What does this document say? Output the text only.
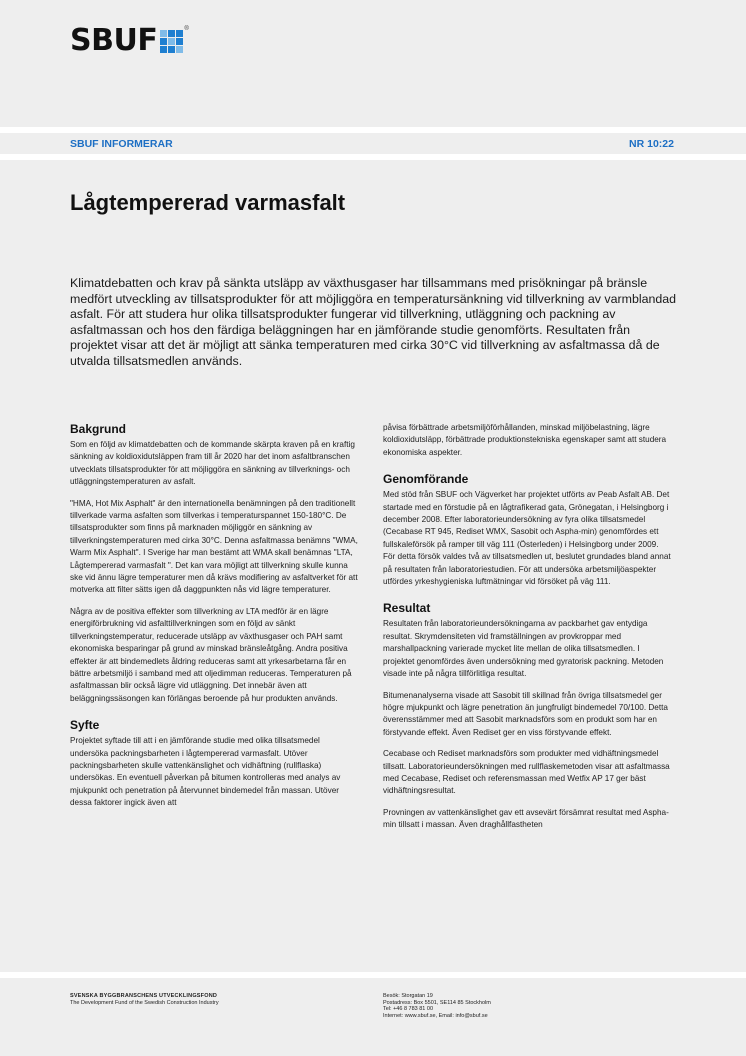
SBUF	®
SBUF INFORMERAR	NR 10:22
Lågtempererad varmasfalt

Klimatdebatten och krav på sänkta utsläpp av växthusgaser har tillsammans med prisökningar på bränsle medfört utveckling av tillsatsprodukter för att möjliggöra en temperatursänkning vid tillverkning av varmblandad asfalt. För att studera hur olika tillsatsprodukter fungerar vid tillverkning, utläggning och packning av asfaltmassan och hos den färdiga beläggningen har en jämförande studie genomförts. Resultaten från projektet visar att det är möjligt att sänka temperaturen med cirka 30°C vid tillverkning av asfaltmassa då de utvalda tillsatsmedlen används.

Bakgrund

Som en följd av klimatdebatten och de kommande skärpta kraven på en kraftig sänkning av koldioxidutsläppen fram till år 2020 har det inom asfaltbranschen utvecklats tillsatsprodukter för att möjliggöra en sänkning av tillverknings- och utläggningstemperaturen av asfalt.

"HMA, Hot Mix Asphalt" är den internationella benämningen på den traditionellt tillverkade varma asfalten som tillverkas i temperaturspannet 150-180°C. De tillsatsprodukter som finns på marknaden möjliggör en sänkning av tillverkningstemperaturen med cirka 30°C. Denna asfaltmassa benämns "WMA, Warm Mix Asphalt". I Sverige har man bestämt att WMA skall benämnas "LTA, Lågtempererad varmasfalt ". Det kan vara möjligt att tillverkning skulle kunna ske vid ännu lägre temperaturer men då krävs modifiering av asfaltverket för att motverka att filter sätts igen då daggpunkten nås vid lägre temperaturer.

Några av de positiva effekter som tillverkning av LTA medför är en lägre energiförbrukning vid asfalttillverkningen som en följd av sänkt tillverkningstemperatur, reducerade utsläpp av växthusgaser och PAH samt ekonomiska besparingar på grund av minskad bränsleåtgång. Andra positiva effekter är att bindemedlets åldring reduceras samt att yrkesarbetarna får en bättre arbetsmiljö i samband med att oljedimman reduceras. Temperaturen på asfaltmassan blir också lägre vid utläggning. Det innebär även att beläggningssäsongen kan förlängas beroende på hur produkten används.

Syfte

Projektet syftade till att i en jämförande studie med olika tillsatsmedel undersöka packningsbarheten i lågtempererad varmasfalt. Utöver packningsbarheten skulle vattenkänslighet och vidhäftning (rullflaska) undersökas. En eventuell påverkan på bitumen kontrolleras med analys av mjukpunkt och penetration på återvunnet bindemedel från massan. Utöver dessa faktorer ingick även att

påvisa förbättrade arbetsmiljöförhållanden, minskad miljöbelastning, lägre koldioxidutsläpp, förbättrade produktionstekniska egenskaper samt att studera ekonomiska aspekter.

Genomförande

Med stöd från SBUF och Vägverket har projektet utförts av Peab Asfalt AB. Det startade med en förstudie på en lågtrafikerad gata, Grönegatan, i Helsingborg i december 2008. Efter laboratorieundersökning av fyra olika tillsatsmedel (Cecabase RT 945, Rediset WMX, Sasobit och Aspha-min) genomfördes ett fullskaleförsök på ramper till väg 111 (Österleden) i Helsingborg under 2009. För detta försök valdes två av tillsatsmedlen ut, beslutet grundades bland annat på resultaten från laboratoriestudien. För att undersöka arbetsmiljöaspekter utfördes yrkeshygieniska luftmätningar vid försöket på väg 111.

Resultat

Resultaten från laboratorieundersökningarna av packbarhet gav entydiga resultat. Skrymdensiteten vid framställningen av provkroppar med marshallpackning varierade mycket lite mellan de olika tillsatsmedlen. I projektet genomfördes även undersökning med gyratorisk packning. Metoden visade inte på några tillförlitliga resultat.

Bitumenanalyserna visade att Sasobit till skillnad från övriga tillsatsmedel ger högre mjukpunkt och lägre penetration än jungfruligt bindemedel 70/100. Detta överensstämmer med att Sasobit marknadsförs som en produkt som har en förstyvande effekt. Även Rediset ger en viss förstyvande effekt.

Cecabase och Rediset marknadsförs som produkter med vidhäftningsmedel tillsatt. Laboratorieundersökningen med rullflaskemetoden visar att asfaltmassa med Cecabase, Rediset och referensmassan med Wetfix AP 17 ger bäst vidhäftningsresultat.

Provningen av vattenkänslighet gav ett avsevärt försämrat resultat med Aspha-min tillsatt i massan. Även draghållfastheten

SVENSKA BYGGBRANSCHENS UTVECKLINGSFOND
The Development Fund of the Swedish Construction Industry
Besök: Storgatan 19
Postadress: Box 5501, SE114 85 Stockholm
Tel: +46 8 783 81 00
Internet: www.sbuf.se, Email: info@sbuf.se
